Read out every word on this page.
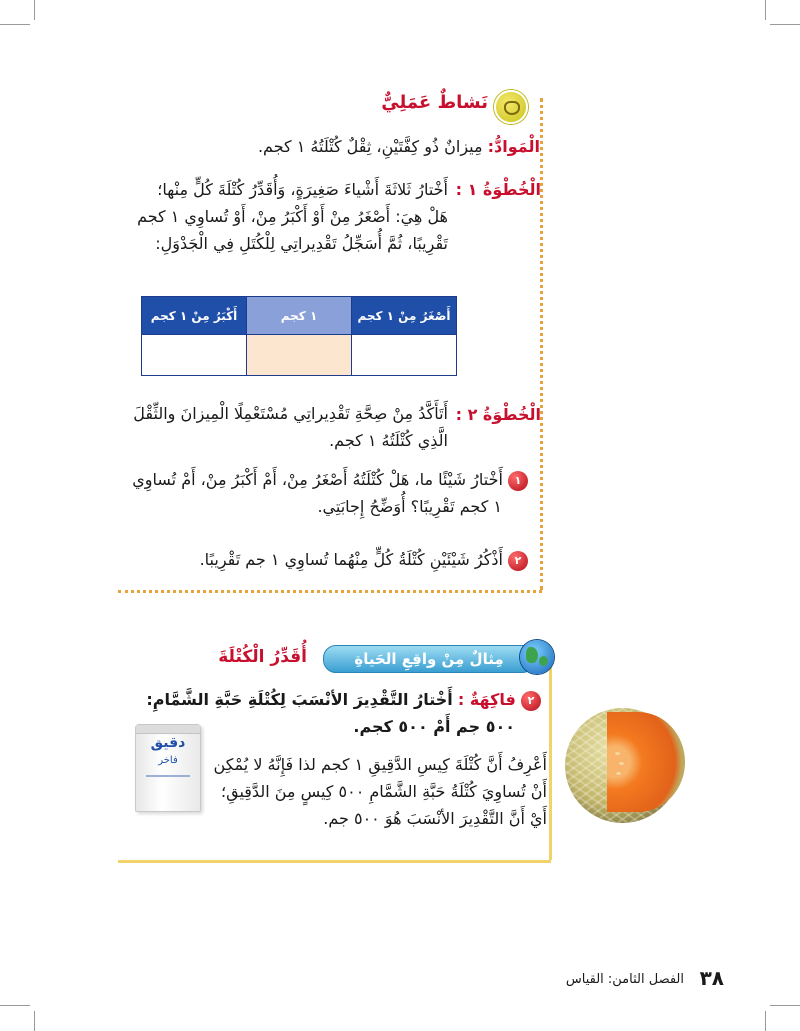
نَشاطٌ عَمَلِيٌّ
الْمَوادُّ: مِيزانٌ ذُو كِفَّتَيْنِ، ثِقْلٌ كُتْلَتُهُ ١ كجم.
الْخُطْوَةُ ١ :
أَخْتارُ ثَلاثَةَ أَشْياءَ صَغِيرَةٍ، وَأُقَدِّرُ كُتْلَةَ كُلٍّ مِنْها؛
هَلْ هِيَ: أَصْغَرُ مِنْ أَوْ أَكْبَرُ مِنْ، أَوْ تُساوِي ١ كجم
تَقْرِيبًا، ثُمَّ أُسَجِّلُ تَقْدِيراتِي لِلْكُتَلِ فِي الْجَدْوَلِ:
أَصْغَرُ مِنْ ١ كجم	١ كجم	أَكْبَرُ مِنْ ١ كجم

الْخُطْوَةُ ٢ :
أَتَأَكَّدُ مِنْ صِحَّةِ تَقْدِيراتِي مُسْتَعْمِلًا الْمِيزانَ والثِّقْلَ
الَّذِي كُتْلَتُهُ ١ كجم.
١ أَخْتارُ شَيْئًا ما، هَلْ كُتْلَتُهُ أَصْغَرُ مِنْ، أَمْ أَكْبَرُ مِنْ، أَمْ تُساوِي
١ كجم تَقْرِيبًا؟ أُوَضِّحُ إِجابَتِي.
٢ أَذْكُرُ شَيْئَيْنِ كُتْلَةُ كُلٍّ مِنْهُما تُساوِي ١ جم تَقْرِيبًا.
مِثالٌ مِنْ واقِعِ الحَياةِ
أُقَدِّرُ الْكُتْلَةَ
٢ فاكِهَةٌ : أَخْتارُ التَّقْدِيرَ الأنْسَبَ لِكُتْلَةِ حَبَّةِ الشَّمَّامِ:
٥٠٠ جم أَمْ ٥٠٠ كجم.
أَعْرِفُ أَنَّ كُتْلَةَ كِيسِ الدَّقِيقِ ١ كجم لذا فَإِنَّهُ لا يُمْكِن
أَنْ تُساوِيَ كُتْلَةُ حَبَّةِ الشَّمَّامِ ٥٠٠ كِيسٍ مِنَ الدَّقِيقِ؛
أَيْ أَنَّ التَّقْدِيرَ الأنْسَبَ هُوَ ٥٠٠ جم.
دقيق
فاخر
٣٨
الفصل الثامن: القياس
